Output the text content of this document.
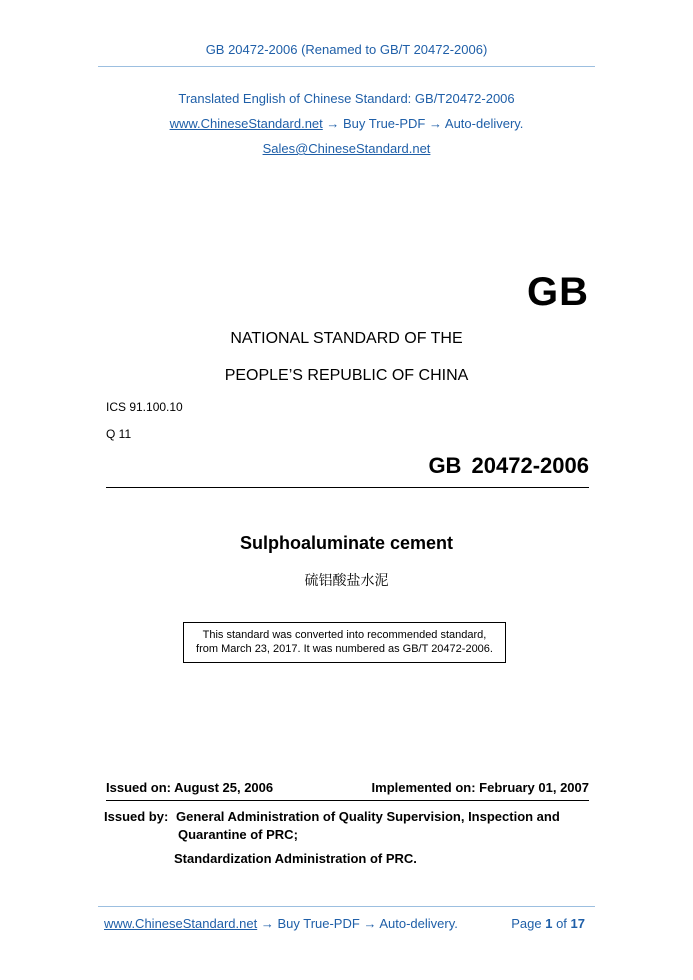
GB 20472-2006 (Renamed to GB/T 20472-2006)
Translated English of Chinese Standard: GB/T20472-2006
www.ChineseStandard.net → Buy True-PDF → Auto-delivery.
Sales@ChineseStandard.net
GB
NATIONAL STANDARD OF THE
PEOPLE’S REPUBLIC OF CHINA
ICS 91.100.10
Q 11
GB 20472-2006
Sulphoaluminate cement
硫铝酸盐水泥
This standard was converted into recommended standard,
from March 23, 2017. It was numbered as GB/T 20472-2006.
Issued on: August 25, 2006	Implemented on: February 01, 2007
Issued by: General Administration of Quality Supervision, Inspection and
Quarantine of PRC;
Standardization Administration of PRC.
www.ChineseStandard.net → Buy True-PDF → Auto-delivery.	Page 1 of 17
